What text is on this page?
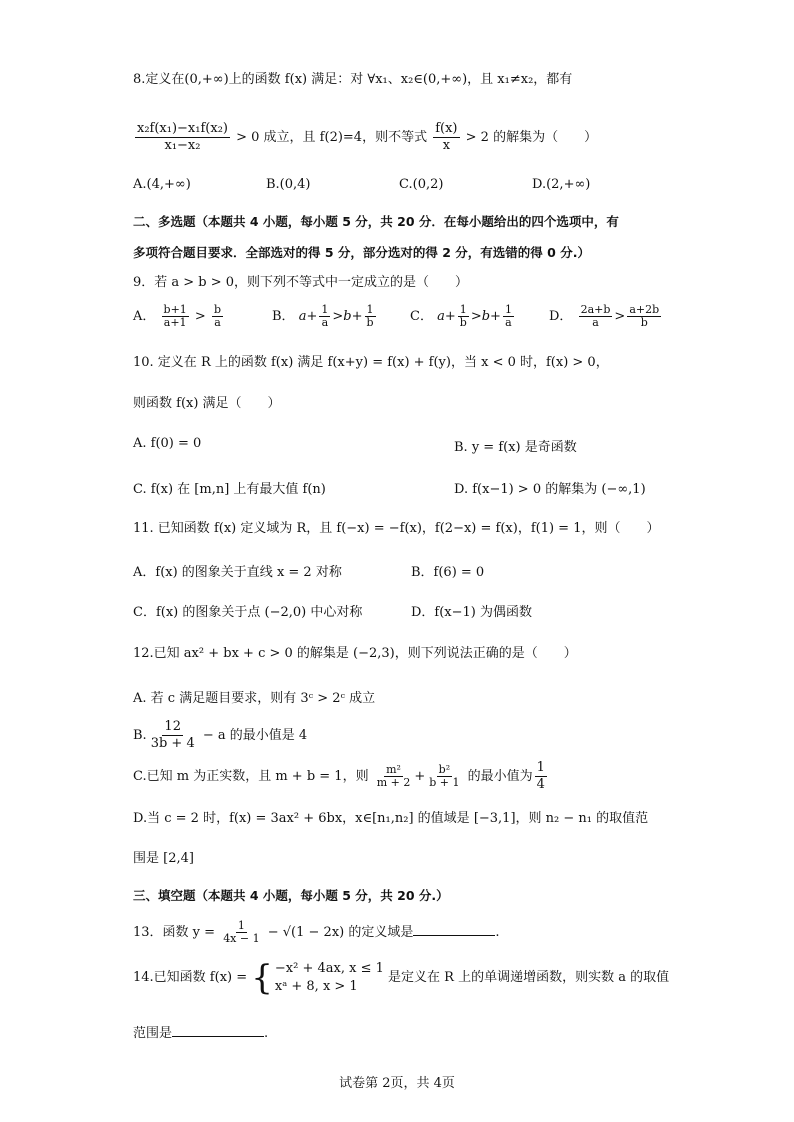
8.定义在(0,+∞)上的函数 f(x) 满足：对 ∀x₁、x₂∈(0,+∞)，且 x₁≠x₂，都有
$\frac{\text{x₂f(x₁)−x₁f(x₂)}}{\text{x₁−x₂}} > 0$ 成立，且 f(2)=4，则不等式 $\frac{f(x)}{x} > 2$ 的解集为（　　）
A.(4,+∞)	B.(0,4)	C.(0,2)	D.(2,+∞)
二、多选题（本题共 4 小题，每小题 5 分，共 20 分．在每小题给出的四个选项中，有
多项符合题目要求．全部选对的得 5 分，部分选对的得 2 分，有选错的得 0 分.）
9．若 a > b > 0，则下列不等式中一定成立的是（　　）
A． $\frac{b+1}{a+1} > \frac{b}{a}$	B． $a+ \frac{1}{a} >b+ \frac{1}{b}$	C． $a+ \frac{1}{b} >b+ \frac{1}{a}$	D． $\frac{2a+b}{a} > \frac{a+2b}{b}$
10. 定义在 R 上的函数 f(x) 满足 f(x+y) = f(x) + f(y)，当 x < 0 时，f(x) > 0，
则函数 f(x) 满足（　　）
A. f(0) = 0	B. y = f(x) 是奇函数
C. f(x) 在 [m,n] 上有最大值 f(n)	D. f(x−1) > 0 的解集为 (−∞,1)
11. 已知函数 f(x) 定义域为 R，且 f(−x) = −f(x)，f(2−x) = f(x)，f(1) = 1，则（　　）
A．f(x) 的图象关于直线 x = 2 对称	B．f(6) = 0
C．f(x) 的图象关于点 (−2,0) 中心对称	D．f(x−1) 为偶函数
12.已知 ax² + bx + c > 0 的解集是 (−2,3)，则下列说法正确的是（　　）
A. 若 c 满足题目要求，则有 3ᶜ > 2ᶜ 成立
B. $\frac{12}{3b + 4} - a$ 的最小值是 4
C.已知 m 为正实数，且 m + b = 1，则 $\frac{\text{m²}}{m + 2} + \frac{\text{b²}}{b + 1}$ 的最小值为 $\frac{1}{4}$
D.当 c = 2 时，f(x) = 3ax² + 6bx，x∈[n₁,n₂] 的值域是 [−3,1]，则 n₂ − n₁ 的取值范
围是 [2,4]
三、填空题（本题共 4 小题，每小题 5 分，共 20 分.）
13．函数 $y = \frac{1}{4x - 1} - √(1 - 2x)$ 的定义域是	.
14.已知函数 f(x) = { −x² + 4ax, x ≤ 1
xᵃ + 8, x > 1
是定义在 R 上的单调递增函数，则实数 a 的取值
范围是	.
试卷第 2页，共 4页
